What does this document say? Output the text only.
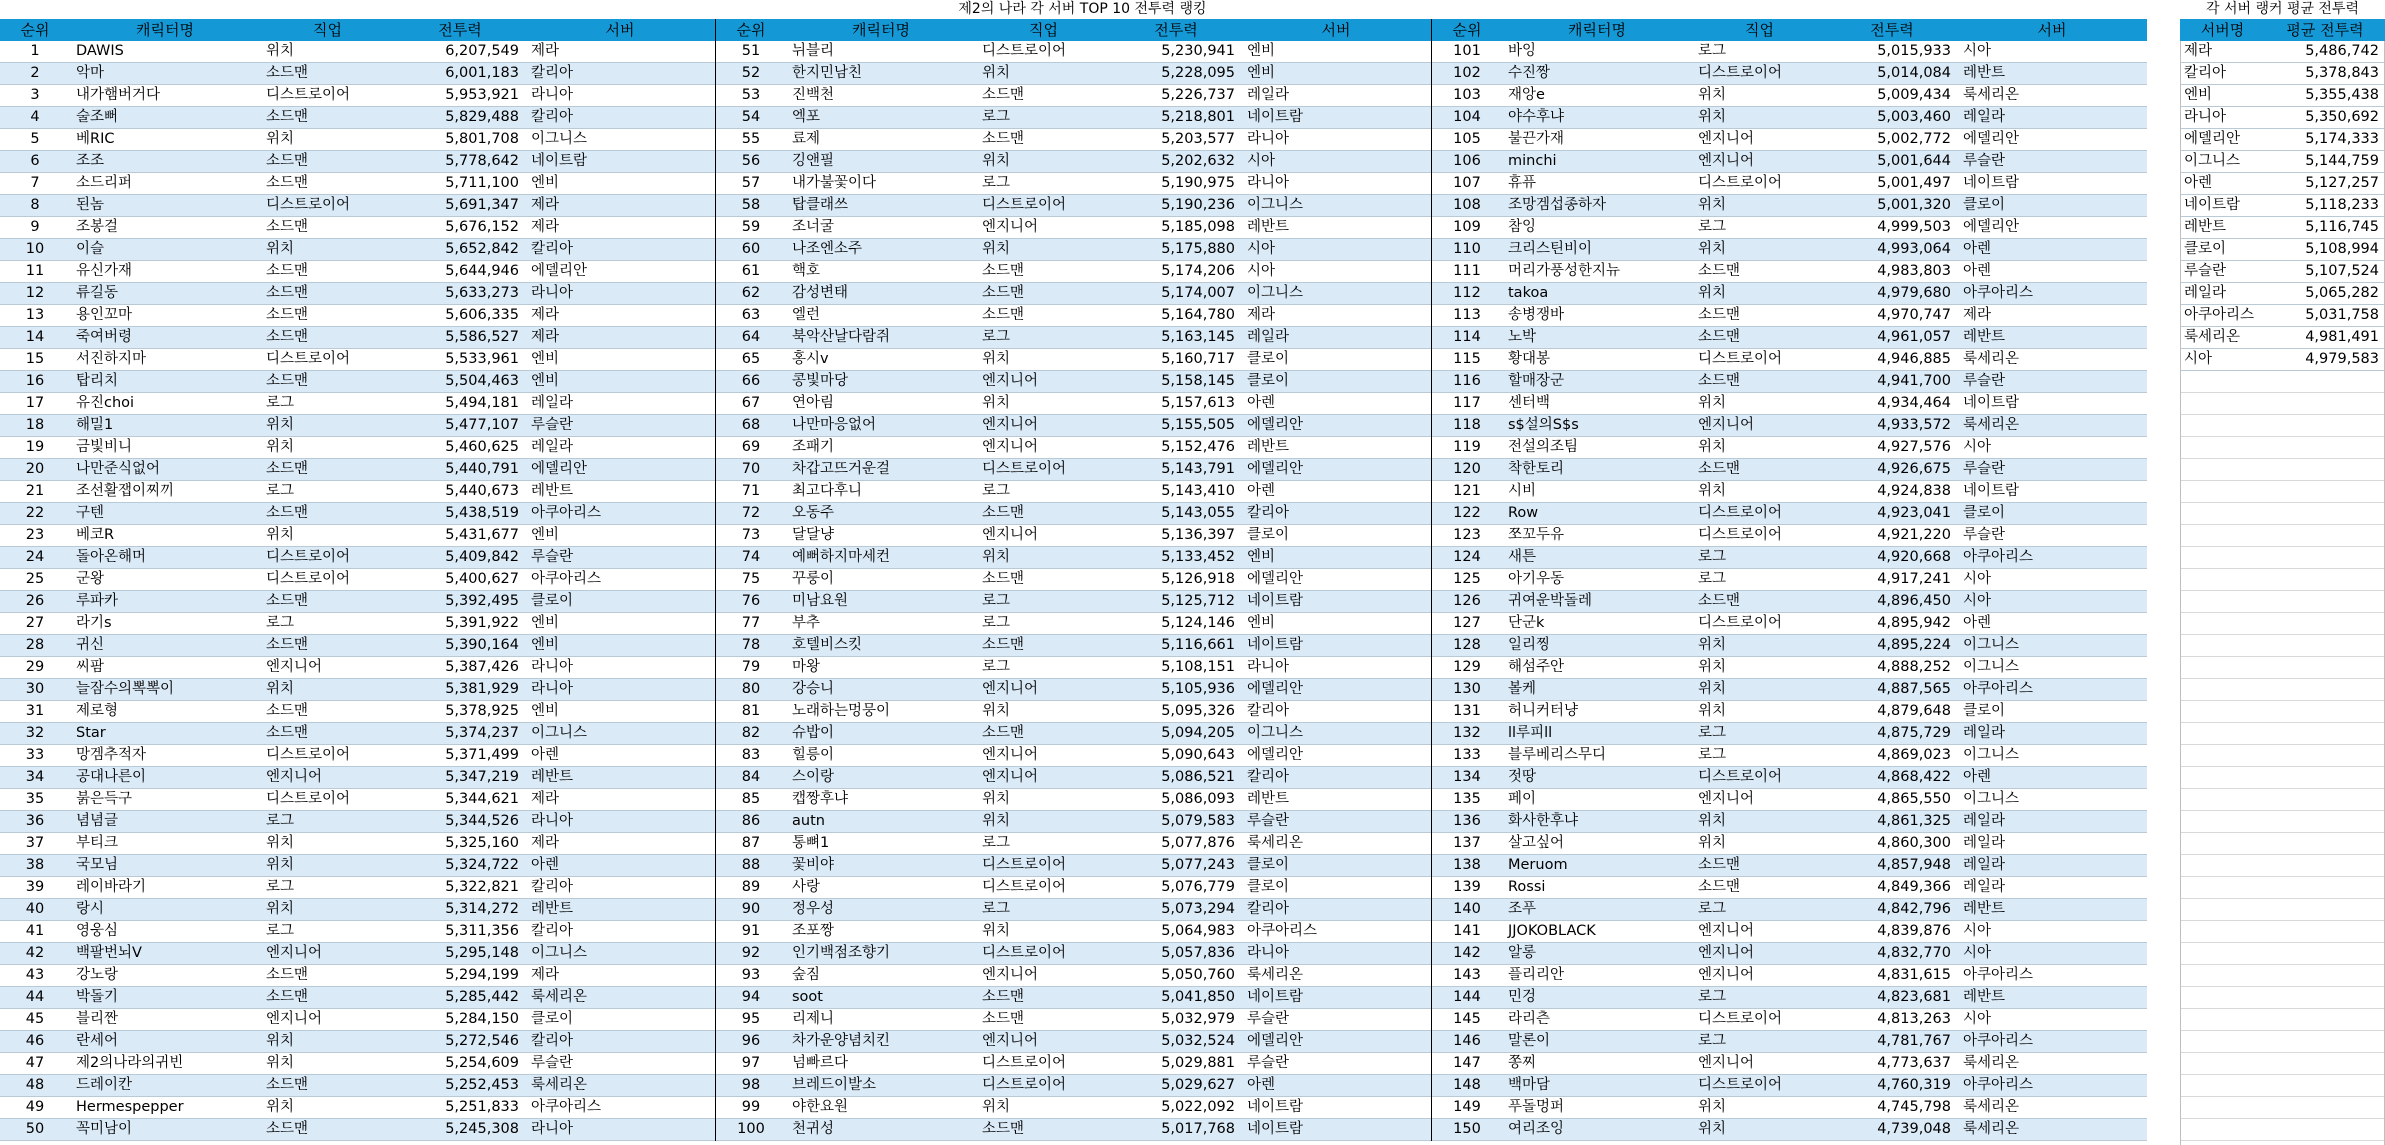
제2의 나라 각 서버 TOP 10 전투력 랭킹
순위	캐릭터명	직업	전투력	서버
1	DAWIS	위치	6,207,549 제라
2	악마	소드맨	6,001,183 칼리아
3	내가햄버거다	디스트로이어	5,953,921 라니아
4	술조뻐	소드맨	5,829,488 칼리아
5	베RIC	위치	5,801,708 이그니스
6	조조	소드맨	5,778,642 네이트람
7	소드리퍼	소드맨	5,711,100 엔비
8	된놈	디스트로이어	5,691,347 제라
9	조봉걸	소드맨	5,676,152 제라
10	이슬	위치	5,652,842 칼리아
11	유신가재	소드맨	5,644,946 에델리안
12	류길동	소드맨	5,633,273 라니아
13	용인꼬마	소드맨	5,606,335 제라
14	죽여버령	소드맨	5,586,527 제라
15	서진하지마	디스트로이어	5,533,961 엔비
16	탑리치	소드맨	5,504,463 엔비
17	유진choi	로그	5,494,181 레일라
18	해밀1	위치	5,477,107 루슬란
19	금빛비니	위치	5,460,625 레일라
20	나만준식없어	소드맨	5,440,791 에델리안
21	조선활잽이찌끼	로그	5,440,673 레반트
22	구텐	소드맨	5,438,519 아쿠아리스
23	베코R	위치	5,431,677 엔비
24	돌아온해머	디스트로이어	5,409,842 루슬란
25	군왕	디스트로이어	5,400,627 아쿠아리스
26	루파카	소드맨	5,392,495 클로이
27	라기s	로그	5,391,922 엔비
28	귀신	소드맨	5,390,164 엔비
29	씨팜	엔지니어	5,387,426 라니아
30	늘잠수의뽁뽁이	위치	5,381,929 라니아
31	제로형	소드맨	5,378,925 엔비
32	Star	소드맨	5,374,237 이그니스
33	망겜추적자	디스트로이어	5,371,499 아렌
34	공대나른이	엔지니어	5,347,219 레반트
35	붉은득구	디스트로이어	5,344,621 제라
36	념념글	로그	5,344,526 라니아
37	부티크	위치	5,325,160 제라
38	국모님	위치	5,324,722 아렌
39	레이바라기	로그	5,322,821 칼리아
40	랑시	위치	5,314,272 레반트
41	영웅심	로그	5,311,356 칼리아
42	백팔번뇌V	엔지니어	5,295,148 이그니스
43	강노랑	소드맨	5,294,199 제라
44	박돌기	소드맨	5,285,442 룩세리온
45	블리짠	엔지니어	5,284,150 클로이
46	란세어	위치	5,272,546 칼리아
47	제2의나라의귀빈	위치	5,254,609 루슬란
48	드레이칸	소드맨	5,252,453 룩세리온
49	Hermespepper	위치	5,251,833 아쿠아리스
50	꼭미남이	소드맨	5,245,308 라니아
순위	캐릭터명	직업	전투력	서버
51	뉘블리	디스트로이어	5,230,941 엔비
52	한지민남친	위치	5,228,095 엔비
53	진백천	소드맨	5,226,737 레일라
54	엑포	로그	5,218,801 네이트람
55	료제	소드맨	5,203,577 라니아
56	깅앤필	위치	5,202,632 시아
57	내가불꽃이다	로그	5,190,975 라니아
58	탑클래쓰	디스트로이어	5,190,236 이그니스
59	조너굴	엔지니어	5,185,098 레반트
60	나조엔소주	위치	5,175,880 시아
61	핵호	소드맨	5,174,206 시아
62	감성변태	소드맨	5,174,007 이그니스
63	엘런	소드맨	5,164,780 제라
64	북악산날다람쥐	로그	5,163,145 레일라
65	홍시v	위치	5,160,717 클로이
66	콩빛마당	엔지니어	5,158,145 클로이
67	연아림	위치	5,157,613 아렌
68	나만마응없어	엔지니어	5,155,505 에델리안
69	조패기	엔지니어	5,152,476 레반트
70	차갑고뜨거운걸	디스트로이어	5,143,791 에델리안
71	최고다후니	로그	5,143,410 아렌
72	오동주	소드맨	5,143,055 칼리아
73	달달냥	엔지니어	5,136,397 클로이
74	예뻐하지마세컨	위치	5,133,452 엔비
75	꾸룽이	소드맨	5,126,918 에델리안
76	미남요원	로그	5,125,712 네이트람
77	부추	로그	5,124,146 엔비
78	호텔비스킷	소드맨	5,116,661 네이트람
79	마왕	로그	5,108,151 라니아
80	강승니	엔지니어	5,105,936 에델리안
81	노래하는멍뭉이	위치	5,095,326 칼리아
82	슈밥이	소드맨	5,094,205 이그니스
83	힐릉이	엔지니어	5,090,643 에델리안
84	스이랑	엔지니어	5,086,521 칼리아
85	캡짱후냐	위치	5,086,093 레반트
86	autn	위치	5,079,583 루슬란
87	통뼈1	로그	5,077,876 룩세리온
88	꽃비야	디스트로이어	5,077,243 클로이
89	사랑	디스트로이어	5,076,779 클로이
90	정우성	로그	5,073,294 칼리아
91	조포짱	위치	5,064,983 아쿠아리스
92	인기백점조향기	디스트로이어	5,057,836 라니아
93	숲짐	엔지니어	5,050,760 룩세리온
94	soot	소드맨	5,041,850 네이트람
95	리제니	소드맨	5,032,979 루슬란
96	차가운양념치킨	엔지니어	5,032,524 에델리안
97	넘빠르다	디스트로이어	5,029,881 루슬란
98	브레드이발소	디스트로이어	5,029,627 아렌
99	야한요원	위치	5,022,092 네이트람
100	천귀성	소드맨	5,017,768 네이트람
순위	캐릭터명	직업	전투력	서버
101	바잉	로그	5,015,933 시아
102	수진짱	디스트로이어	5,014,084 레반트
103	재앙e	위치	5,009,434 룩세리온
104	야수후냐	위치	5,003,460 레일라
105	불끈가재	엔지니어	5,002,772 에델리안
106	minchi	엔지니어	5,001,644 루슬란
107	휴퓨	디스트로이어	5,001,497 네이트람
108	조망겜섭종하자	위치	5,001,320 클로이
109	참잉	로그	4,999,503 에델리안
110	크리스틴비이	위치	4,993,064 아렌
111	머리가풍성한지뉴	소드맨	4,983,803 아렌
112	takoa	위치	4,979,680 아쿠아리스
113	송병쟁바	소드맨	4,970,747 제라
114	노박	소드맨	4,961,057 레반트
115	황대봉	디스트로이어	4,946,885 룩세리온
116	할매장군	소드맨	4,941,700 루슬란
117	센터백	위치	4,934,464 네이트람
118	s$설의S$s	엔지니어	4,933,572 룩세리온
119	전설의조팀	위치	4,927,576 시아
120	착한토리	소드맨	4,926,675 루슬란
121	시비	위치	4,924,838 네이트람
122	Row	디스트로이어	4,923,041 클로이
123	쪼꼬두유	디스트로이어	4,921,220 루슬란
124	새튼	로그	4,920,668 아쿠아리스
125	아기우동	로그	4,917,241 시아
126	귀여운박돌레	소드맨	4,896,450 시아
127	단군k	디스트로이어	4,895,942 아렌
128	일리찡	위치	4,895,224 이그니스
129	해섬주안	위치	4,888,252 이그니스
130	볼케	위치	4,887,565 아쿠아리스
131	허니커터냥	위치	4,879,648 클로이
132	ll루피ll	로그	4,875,729 레일라
133	블루베리스무디	로그	4,869,023 이그니스
134	젓땅	디스트로이어	4,868,422 아렌
135	페이	엔지니어	4,865,550 이그니스
136	화사한후냐	위치	4,861,325 레일라
137	살고싶어	위치	4,860,300 레일라
138	Meruom	소드맨	4,857,948 레일라
139	Rossi	소드맨	4,849,366 레일라
140	조푸	로그	4,842,796 레반트
141	JJOKOBLACK	엔지니어	4,839,876 시아
142	알롱	엔지니어	4,832,770 시아
143	플리리안	엔지니어	4,831,615 아쿠아리스
144	민겅	로그	4,823,681 레반트
145	라리츤	디스트로이어	4,813,263 시아
146	말론이	로그	4,781,767 아쿠아리스
147	쫑찌	엔지니어	4,773,637 룩세리온
148	백마담	디스트로이어	4,760,319 아쿠아리스
149	푸돌멍퍼	위치	4,745,798 룩세리온
150	여리조잉	위치	4,739,048 룩세리온
각 서버 랭커 평균 전투력
서버명	평균 전투력
제라	5,486,742
칼리아	5,378,843
엔비	5,355,438
라니아	5,350,692
에델리안	5,174,333
이그니스	5,144,759
아렌	5,127,257
네이트람	5,118,233
레반트	5,116,745
클로이	5,108,994
루슬란	5,107,524
레일라	5,065,282
아쿠아리스	5,031,758
룩세리온	4,981,491
시아	4,979,583
